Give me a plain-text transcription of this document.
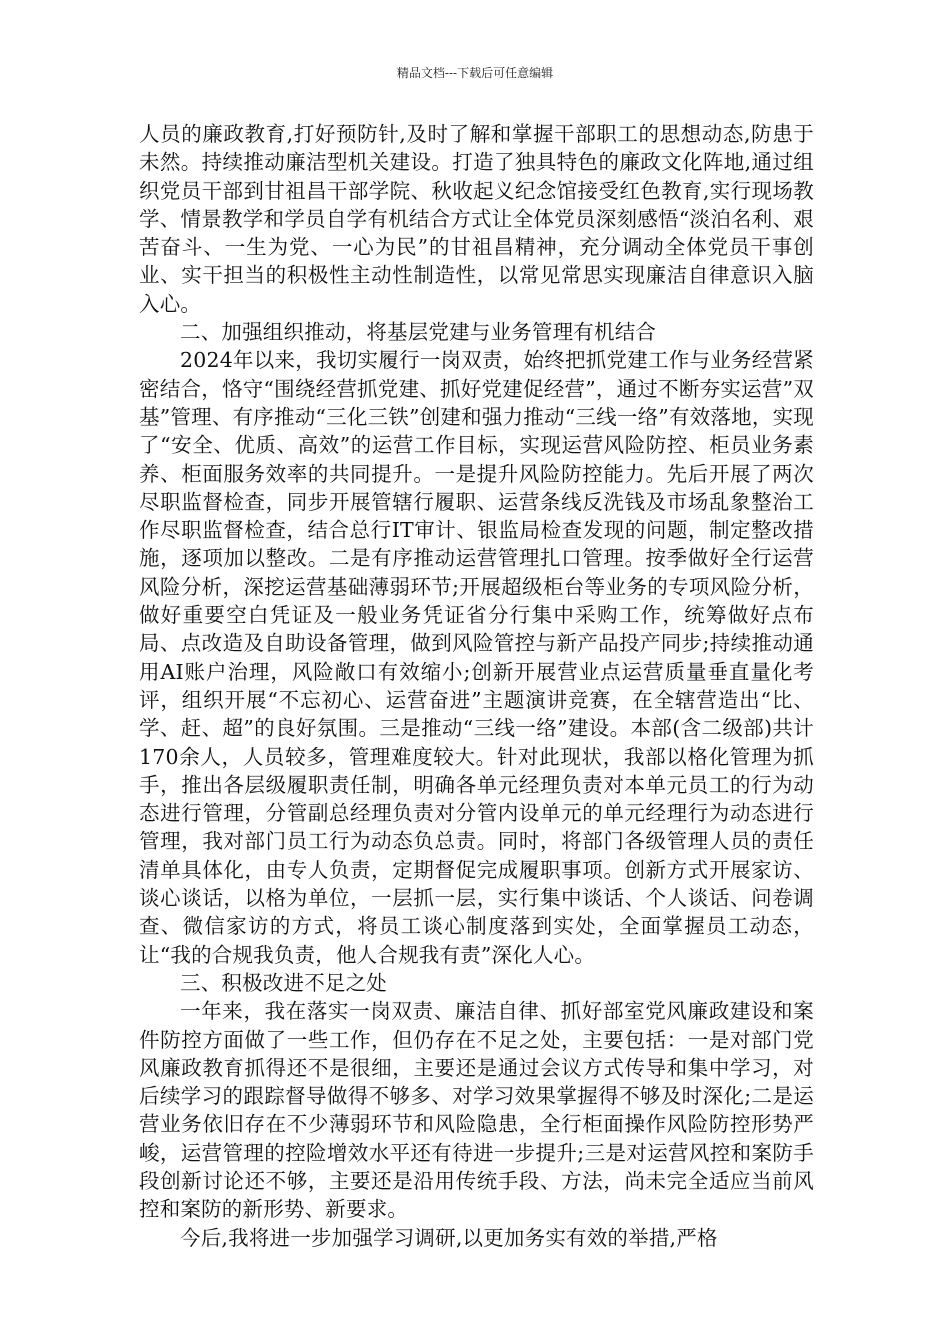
精品文档---下载后可任意编辑

人员的廉政教育,打好预防针,及时了解和掌握干部职工的思想动态,防患于未然。持续推动廉洁型机关建设。打造了独具特色的廉政文化阵地,通过组织党员干部到甘祖昌干部学院、秋收起义纪念馆接受红色教育,实行现场教学、情景教学和学员自学有机结合方式让全体党员深刻感悟“淡泊名利、艰苦奋斗、一生为党、一心为民”的甘祖昌精神，充分调动全体党员干事创业、实干担当的积极性主动性制造性，以常见常思实现廉洁自律意识入脑入心。

二、加强组织推动，将基层党建与业务管理有机结合

2024年以来，我切实履行一岗双责，始终把抓党建工作与业务经营紧密结合，恪守“围绕经营抓党建、抓好党建促经营”，通过不断夯实运营”双基”管理、有序推动“三化三铁”创建和强力推动“三线一络”有效落地，实现了“安全、优质、高效”的运营工作目标，实现运营风险防控、柜员业务素养、柜面服务效率的共同提升。一是提升风险防控能力。先后开展了两次尽职监督检查，同步开展管辖行履职、运营条线反洗钱及市场乱象整治工作尽职监督检查，结合总行IT审计、银监局检查发现的问题，制定整改措施，逐项加以整改。二是有序推动运营管理扎口管理。按季做好全行运营风险分析，深挖运营基础薄弱环节;开展超级柜台等业务的专项风险分析，做好重要空白凭证及一般业务凭证省分行集中采购工作，统筹做好点布局、点改造及自助设备管理，做到风险管控与新产品投产同步;持续推动通用AI账户治理，风险敞口有效缩小;创新开展营业点运营质量垂直量化考评，组织开展“不忘初心、运营奋进”主题演讲竞赛，在全辖营造出“比、学、赶、超”的良好氛围。三是推动“三线一络”建设。本部(含二级部)共计170余人，人员较多，管理难度较大。针对此现状，我部以格化管理为抓手，推出各层级履职责任制，明确各单元经理负责对本单元员工的行为动态进行管理，分管副总经理负责对分管内设单元的单元经理行为动态进行管理，我对部门员工行为动态负总责。同时，将部门各级管理人员的责任清单具体化，由专人负责，定期督促完成履职事项。创新方式开展家访、谈心谈话，以格为单位，一层抓一层，实行集中谈话、个人谈话、问卷调查、微信家访的方式，将员工谈心制度落到实处，全面掌握员工动态，让“我的合规我负责，他人合规我有责”深化人心。

三、积极改进不足之处

一年来，我在落实一岗双责、廉洁自律、抓好部室党风廉政建设和案件防控方面做了一些工作，但仍存在不足之处，主要包括：一是对部门党风廉政教育抓得还不是很细，主要还是通过会议方式传导和集中学习，对后续学习的跟踪督导做得不够多、对学习效果掌握得不够及时深化;二是运营业务依旧存在不少薄弱环节和风险隐患，全行柜面操作风险防控形势严峻，运营管理的控险增效水平还有待进一步提升;三是对运营风控和案防手段创新讨论还不够，主要还是沿用传统手段、方法，尚未完全适应当前风控和案防的新形势、新要求。

今后,我将进一步加强学习调研,以更加务实有效的举措,严格
